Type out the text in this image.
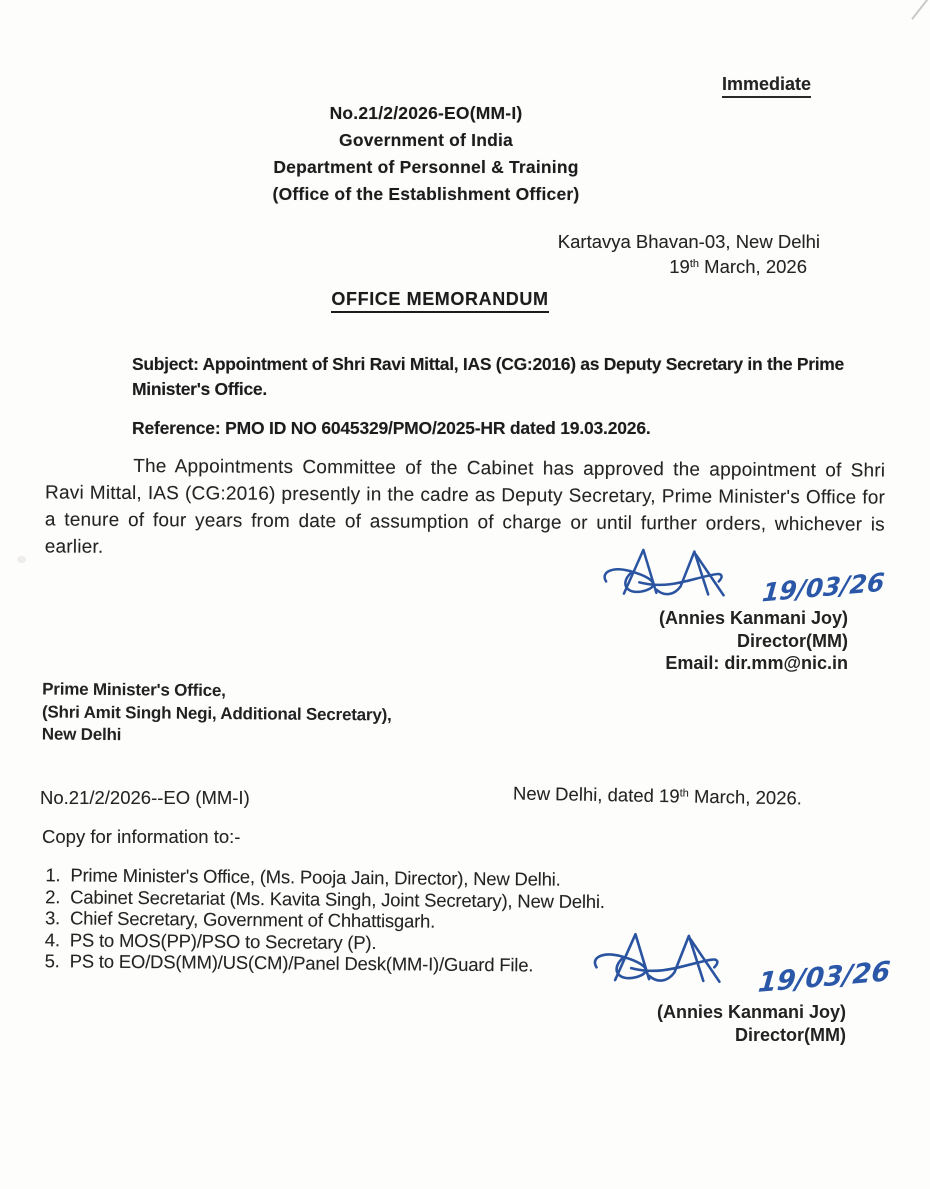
Immediate
No.21/2/2026-EO(MM-I)
Government of India
Department of Personnel & Training
(Office of the Establishment Officer)
Kartavya Bhavan-03, New Delhi
19th March, 2026
OFFICE MEMORANDUM
Subject: Appointment of Shri Ravi Mittal, IAS (CG:2016) as Deputy Secretary in the Prime Minister's Office.
Reference: PMO ID NO 6045329/PMO/2025-HR dated 19.03.2026.
The Appointments Committee of the Cabinet has approved the appointment of Shri Ravi Mittal, IAS (CG:2016) presently in the cadre as Deputy Secretary, Prime Minister's Office for a tenure of four years from date of assumption of charge or until further orders, whichever is earlier.
19/03/26
(Annies Kanmani Joy)
Director(MM)
Email: dir.mm@nic.in
Prime Minister's Office,
(Shri Amit Singh Negi, Additional Secretary),
New Delhi
No.21/2/2026--EO (MM-I)	New Delhi, dated 19th March, 2026.
Copy for information to:-
1. Prime Minister's Office, (Ms. Pooja Jain, Director), New Delhi.
2. Cabinet Secretariat (Ms. Kavita Singh, Joint Secretary), New Delhi.
3. Chief Secretary, Government of Chhattisgarh.
4. PS to MOS(PP)/PSO to Secretary (P).
5. PS to EO/DS(MM)/US(CM)/Panel Desk(MM-I)/Guard File.	19/03/26
(Annies Kanmani Joy)
Director(MM)
